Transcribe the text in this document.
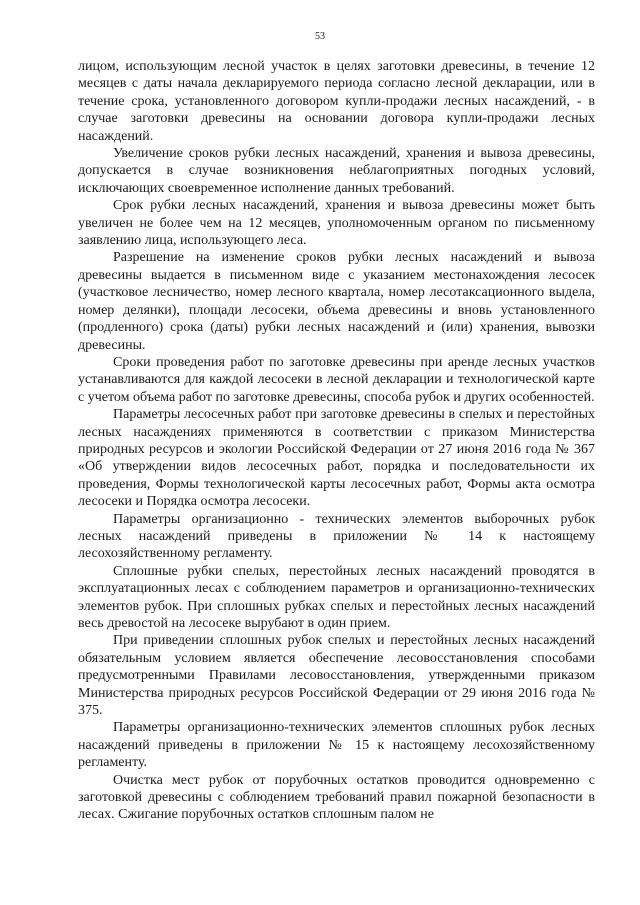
53

лицом, использующим лесной участок в целях заготовки древесины, в течение 12 месяцев с даты начала декларируемого периода согласно лесной декларации, или в течение срока, установленного договором купли-продажи лесных насаждений, - в случае заготовки древесины на основании договора купли-продажи лесных насаждений.

Увеличение сроков рубки лесных насаждений, хранения и вывоза древесины, допускается в случае возникновения неблагоприятных погодных условий, исключающих своевременное исполнение данных требований.

Срок рубки лесных насаждений, хранения и вывоза древесины может быть увеличен не более чем на 12 месяцев, уполномоченным органом по письменному заявлению лица, использующего леса.

Разрешение на изменение сроков рубки лесных насаждений и вывоза древесины выдается в письменном виде с указанием местонахождения лесосек (участковое лесничество, номер лесного квартала, номер лесотаксационного выдела, номер делянки), площади лесосеки, объема древесины и вновь установленного (продленного) срока (даты) рубки лесных насаждений и (или) хранения, вывозки древесины.

Сроки проведения работ по заготовке древесины при аренде лесных участков устанавливаются для каждой лесосеки в лесной декларации и технологической карте с учетом объема работ по заготовке древесины, способа рубок и других особенностей.

Параметры лесосечных работ при заготовке древесины в спелых и перестойных лесных насаждениях применяются в соответствии с приказом Министерства природных ресурсов и экологии Российской Федерации от 27 июня 2016 года № 367 «Об утверждении видов лесосечных работ, порядка и последовательности их проведения, Формы технологической карты лесосечных работ, Формы акта осмотра лесосеки и Порядка осмотра лесосеки.

Параметры организационно - технических элементов выборочных рубок лесных насаждений приведены в приложении № 14 к настоящему лесохозяйственному регламенту.

Сплошные рубки спелых, перестойных лесных насаждений проводятся в эксплуатационных лесах с соблюдением параметров и организационно-технических элементов рубок. При сплошных рубках спелых и перестойных лесных насаждений весь древостой на лесосеке вырубают в один прием.

При приведении сплошных рубок спелых и перестойных лесных насаждений обязательным условием является обеспечение лесовосстановления способами предусмотренными Правилами лесовосстановления, утвержденными приказом Министерства природных ресурсов Российской Федерации от 29 июня 2016 года № 375.

Параметры организационно-технических элементов сплошных рубок лесных насаждений приведены в приложении № 15 к настоящему лесохозяйственному регламенту.

Очистка мест рубок от порубочных остатков проводится одновременно с заготовкой древесины с соблюдением требований правил пожарной безопасности в лесах. Сжигание порубочных остатков сплошным палом не
